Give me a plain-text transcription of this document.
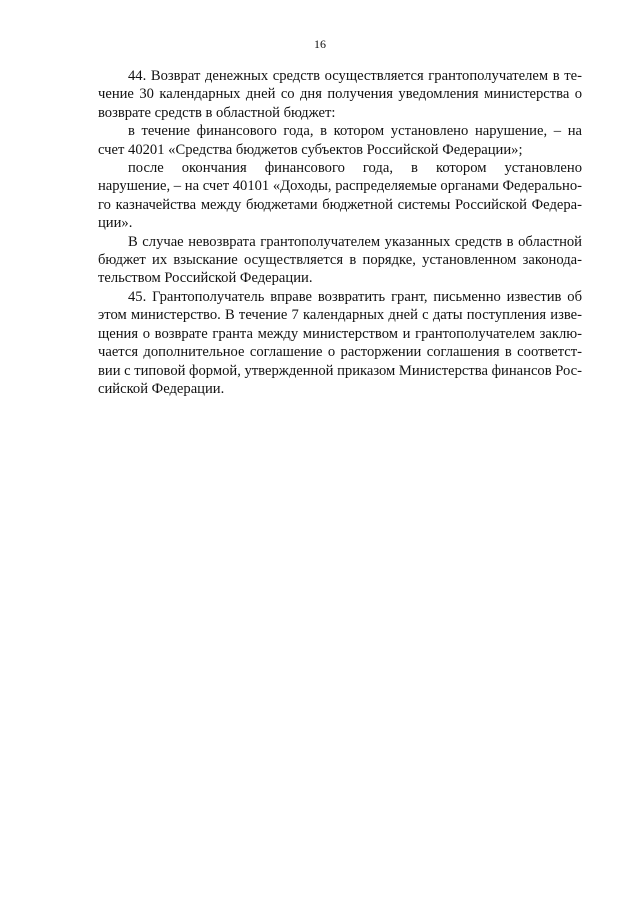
16
44. Возврат денежных средств осуществляется грантополучателем в те-
чение 30 календарных дней со дня получения уведомления министерства о
возврате средств в областной бюджет:
в течение финансового года, в котором установлено нарушение, – на
счет 40201 «Средства бюджетов субъектов Российской Федерации»;
после окончания финансового года, в котором установлено
нарушение, – на счет 40101 «Доходы, распределяемые органами Федерально-
го казначейства между бюджетами бюджетной системы Российской Федера-
ции».
В случае невозврата грантополучателем указанных средств в областной
бюджет их взыскание осуществляется в порядке, установленном законода-
тельством Российской Федерации.
45. Грантополучатель вправе возвратить грант, письменно известив об
этом министерство. В течение 7 календарных дней с даты поступления изве-
щения о возврате гранта между министерством и грантополучателем заклю-
чается дополнительное соглашение о расторжении соглашения в соответст-
вии с типовой формой, утвержденной приказом Министерства финансов Рос-
сийской Федерации.
